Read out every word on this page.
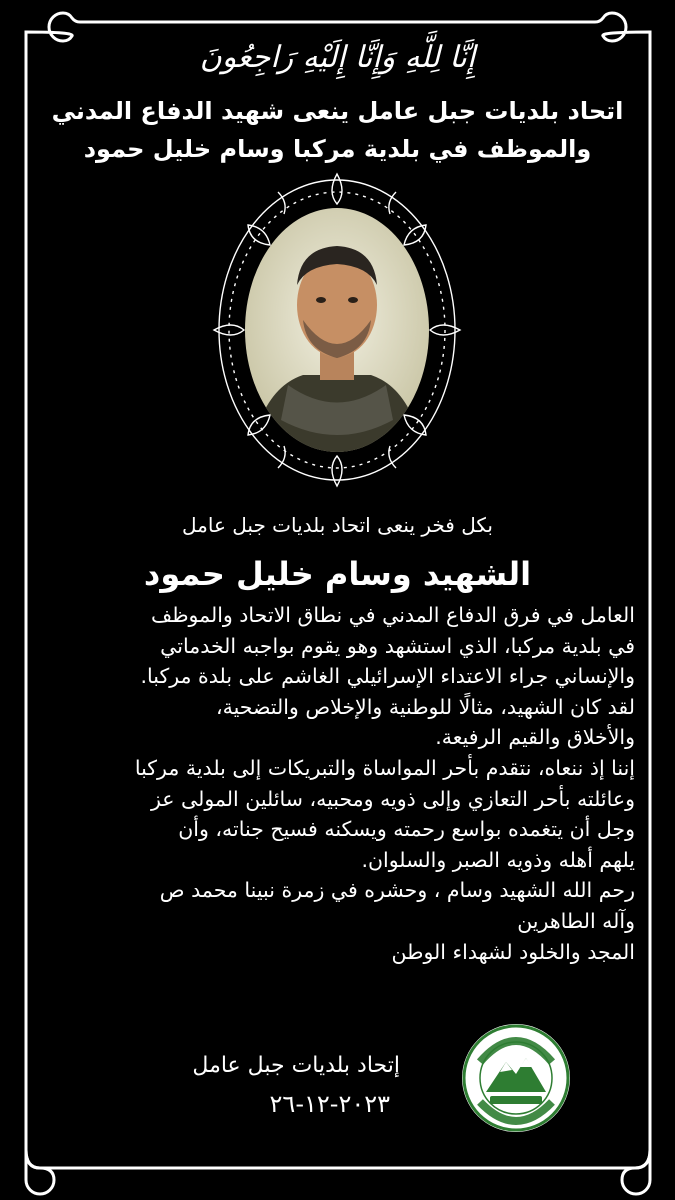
إِنَّا لِلَّهِ وَإِنَّا إِلَيْهِ رَاجِعُونَ
اتحاد بلديات جبل عامل ينعى شهيد الدفاع المدني
والموظف في بلدية مركبا وسام خليل حمود
بكل فخر ينعى اتحاد بلديات جبل عامل
الشهيد وسام خليل حمود

العامل في فرق الدفاع المدني في نطاق الاتحاد والموظف

في بلدية مركبا، الذي استشهد وهو يقوم بواجبه الخدماتي

والإنساني جراء الاعتداء الإسرائيلي الغاشم على بلدة مركبا.

لقد كان الشهيد، مثالًا للوطنية والإخلاص والتضحية،

والأخلاق والقيم الرفيعة.

إننا إذ ننعاه، نتقدم بأحر المواساة والتبريكات إلى بلدية مركبا

وعائلته بأحر التعازي وإلى ذويه ومحبيه، سائلين المولى عز

وجل أن يتغمده بواسع رحمته ويسكنه فسيح جناته، وأن

يلهم أهله وذويه الصبر والسلوان.

رحم الله الشهيد وسام ، وحشره في زمرة نبينا محمد ص

وآله الطاهرين

المجد والخلود لشهداء الوطن

إتحاد بلديات جبل عامل
٢٠٢٣-١٢-٢٦
